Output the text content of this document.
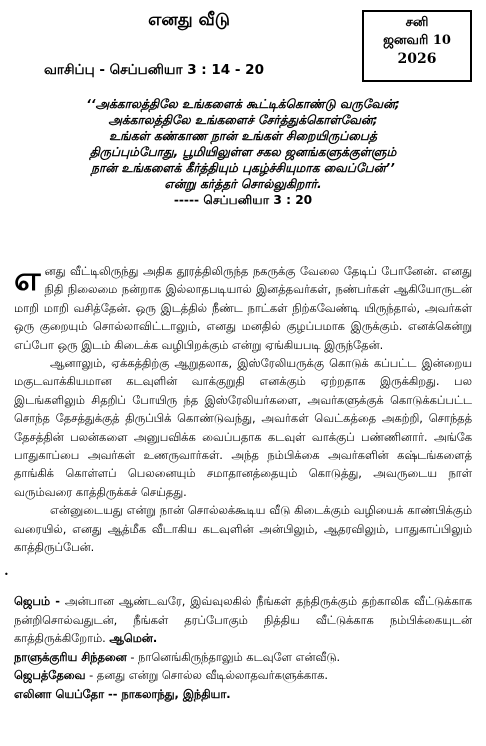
எனது வீடு
வாசிப்பு - செப்பனியா 3 : 14 - 20
சனி
ஜனவரி 10
2026
‘‘அக்காலத்திலே உங்களைக் கூட்டிக்கொண்டு வருவேன்;
அக்காலத்திலே உங்களைச் சேர்த்துக்கொள்வேன்;
உங்கள் கண்காண நான் உங்கள் சிறையிருப்பைத்
திருப்பும்போது, பூமியிலுள்ள சகல ஜனங்களுக்குள்ளும்
நான் உங்களைக் கீர்த்தியும் புகழ்ச்சியுமாக வைப்பேன்’’
என்று கர்த்தர் சொல்லுகிறார்.
----- செப்பனியா 3 : 20

எனது வீட்டிலிருந்து அதிக தூரத்திலிருந்த நகருக்கு வேலை தேடிப் போனேன். எனது நிதி நிலைமை நன்றாக இல்லாதபடியால் இனத்தவர்கள், நண்பர்கள் ஆகியோருடன் மாறி மாறி வசித்தேன். ஒரு இடத்தில் நீண்ட நாட்கள் நிற்கவேண்டி யிருந்தால், அவர்கள் ஒரு குறையும் சொல்லாவிட்டாலும், எனது மனதில் குழப்பமாக இருக்கும். எனக்கென்று எப்போ ஒரு இடம் கிடைக்க வழிபிறக்கும் என்று ஏங்கியபடி இருந்தேன்.

ஆனாலும், ஏக்கத்திற்கு ஆறுதலாக, இஸ்ரேலியருக்கு கொடுக் கப்பட்ட இன்றைய மகுடவாக்கியமான கடவுளின் வாக்குறுதி எனக்கும் ஏற்றதாக இருக்கிறது. பல இடங்களிலும் சிதறிப் போயிரு ந்த இஸ்ரேலியர்களை, அவர்களுக்குக் கொடுக்கப்பட்ட சொந்த தேசத்துக்குத் திருப்பிக் கொண்டுவந்து, அவர்கள் வெட்கத்தை அகற்றி, சொந்தத் தேசத்தின் பலன்களை அனுபவிக்க வைப்பதாக கடவுள் வாக்குப் பண்ணினார். அங்கே பாதுகாப்பை அவர்கள் உணருவார்கள். அந்த நம்பிக்கை அவர்களின் கஷ்டங்களைத் தாங்கிக் கொள்ளப் பெலனையும் சமாதானத்தையும் கொடுத்து, அவருடைய நாள் வரும்வரை காத்திருக்கச் செய்தது.

என்னுடையது என்று நான் சொல்லக்கூடிய வீடு கிடைக்கும் வழியைக் காண்பிக்கும் வரையில், எனது ஆத்மீக வீடாகிய கடவுளின் அன்பிலும், ஆதரவிலும், பாதுகாப்பிலும் காத்திருப்பேன்.

•

ஜெபம் - அன்பான ஆண்டவரே, இவ்வுலகில் நீங்கள் தந்திருக்கும் தற்காலிக வீட்டுக்காக நன்றிசொல்வதுடன், நீங்கள் தரப்போகும் நித்திய வீட்டுக்காக நம்பிக்கையுடன் காத்திருக்கிறோம். ஆமென்.

நாளுக்குரிய சிந்தனை - நானெங்கிருந்தாலும் கடவுளே என்வீடு.

ஜெபத்தேவை - தனது என்று சொல்ல வீடில்லாதவர்களுக்காக.

எலினா யெப்தோ -- நாகலாந்து, இந்தியா.
